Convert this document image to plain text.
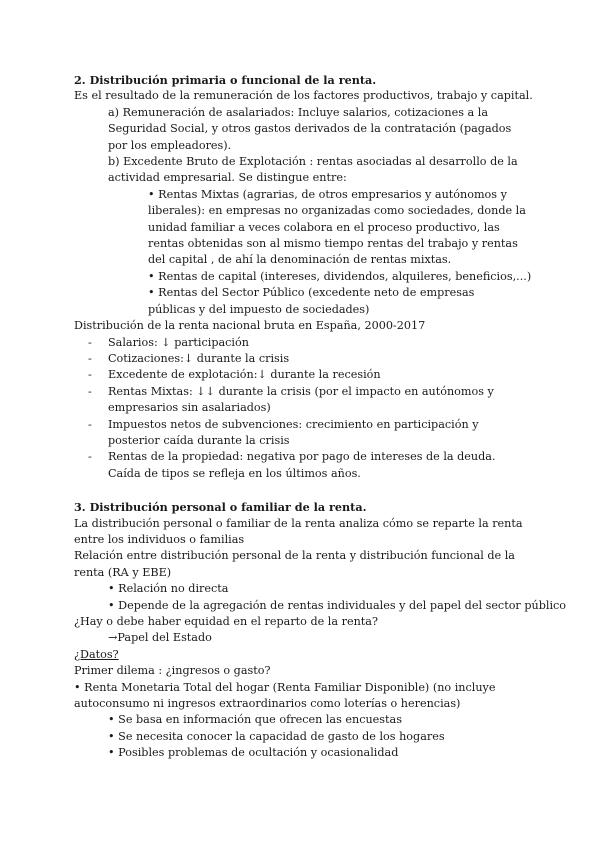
2. Distribución primaria o funcional de la renta.
Es el resultado de la remuneración de los factores productivos, trabajo y capital.
a) Remuneración de asalariados: Incluye salarios, cotizaciones a la Seguridad Social, y otros gastos derivados de la contratación (pagados por los empleadores).
b) Excedente Bruto de Explotación : rentas asociadas al desarrollo de la actividad empresarial. Se distingue entre:
• Rentas Mixtas (agrarias, de otros empresarios y autónomos y liberales): en empresas no organizadas como sociedades, donde la unidad familiar a veces colabora en el proceso productivo, las rentas obtenidas son al mismo tiempo rentas del trabajo y rentas del capital , de ahí la denominación de rentas mixtas.
• Rentas de capital (intereses, dividendos, alquileres, beneficios,...)
• Rentas del Sector Público (excedente neto de empresas públicas y del impuesto de sociedades)
Distribución de la renta nacional bruta en España, 2000-2017
- Salarios: ↓ participación
- Cotizaciones:↓ durante la crisis
- Excedente de explotación:↓ durante la recesión
- Rentas Mixtas: ↓↓ durante la crisis (por el impacto en autónomos y empresarios sin asalariados)
- Impuestos netos de subvenciones: crecimiento en participación y posterior caída durante la crisis
- Rentas de la propiedad: negativa por pago de intereses de la deuda. Caída de tipos se refleja en los últimos años.
3. Distribución personal o familiar de la renta.
La distribución personal o familiar de la renta analiza cómo se reparte la renta entre los individuos o familias
Relación entre distribución personal de la renta y distribución funcional de la renta (RA y EBE)
• Relación no directa
• Depende de la agregación de rentas individuales y del papel del sector público
¿Hay o debe haber equidad en el reparto de la renta?
→Papel del Estado
¿Datos?
Primer dilema : ¿ingresos o gasto?
• Renta Monetaria Total del hogar (Renta Familiar Disponible) (no incluye autoconsumo ni ingresos extraordinarios como loterías o herencias)
• Se basa en información que ofrecen las encuestas
• Se necesita conocer la capacidad de gasto de los hogares
• Posibles problemas de ocultación y ocasionalidad
